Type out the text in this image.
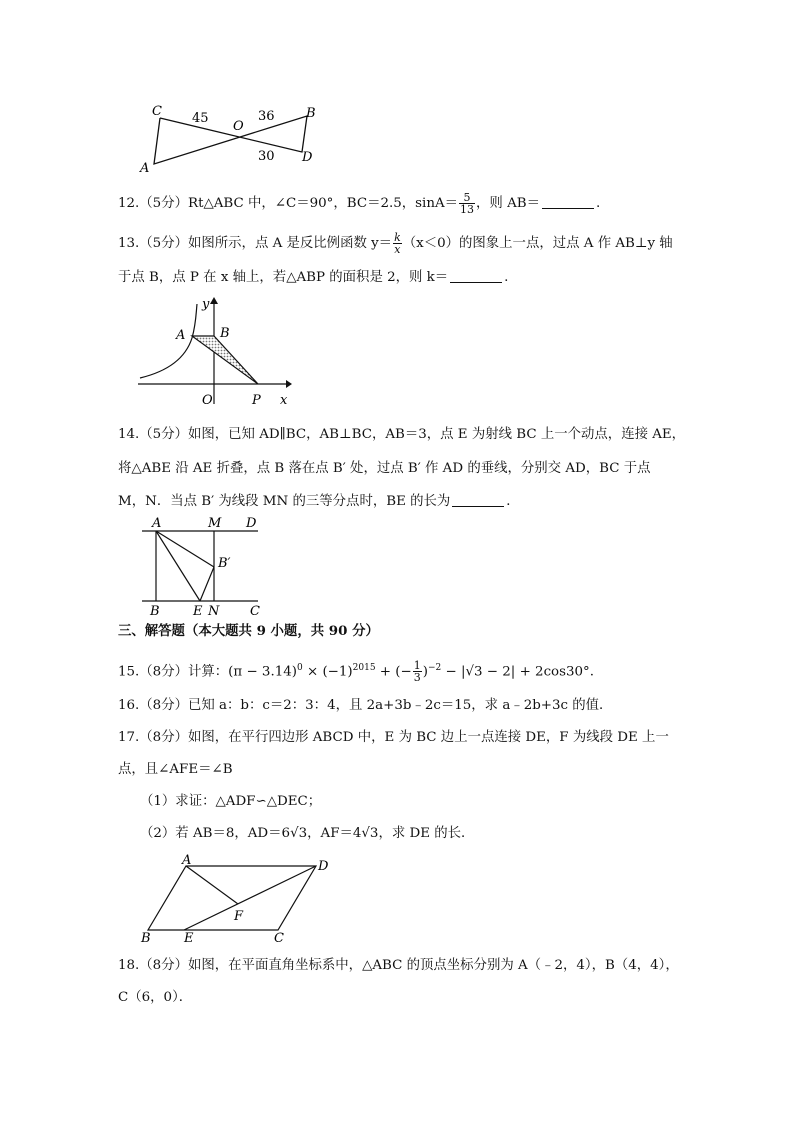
C 45
O
36 B
30 D
A
12.（5分）Rt△ABC 中，∠C＝90°，BC＝2.5，$\sin A= \frac{5}{13}$ ，则 AB＝	.
13.（5分）如图所示，点 A 是反比例函数 $y= \frac{k}{x} (x<0)$的图象上一点，过点 A 作 AB⊥y 轴
于点 B，点 P 在 x 轴上，若△ABP 的面积是 2，则 k＝	.
y
A	B
O	P x
14.（5分）如图，已知 AD∥BC，AB⊥BC，AB＝3，点 E 为射线 BC 上一个动点，连接 AE，
将△ABE 沿 AE 折叠，点 B 落在点 B′ 处，过点 B′ 作 AD 的垂线，分别交 AD，BC 于点
M，N．当点 B′ 为线段 MN 的三等分点时，BE 的长为	．
A	M D
B′
B	E N C
三、解答题（本大题共 9 小题，共 90 分）
15.（8分）计算：$(\pi - 3.14)^0 \times (-1)^{2015}$ + (− $\frac{1}{3} )^{-2} - |√3 - 2| + 2\cos 30^\circ$.
16.（8分）已知 a：b：c＝2：3：4，且 2a+3b﹣2c＝15，求 a﹣2b+3c 的值．
17.（8分）如图，在平行四边形 ABCD 中，E 为 BC 边上一点连接 DE，F 为线段 DE 上一
点，且∠AFE＝∠B
（1）求证：△ADF∽△DEC；
（2）若 AB＝8，AD＝6√3，AF＝4√3，求 DE 的长．
A	D
F
B	E	C
18.（8分）如图，在平面直角坐标系中，△ABC 的顶点坐标分别为 A（﹣2，4），B（4，4），
C（6，0）．
